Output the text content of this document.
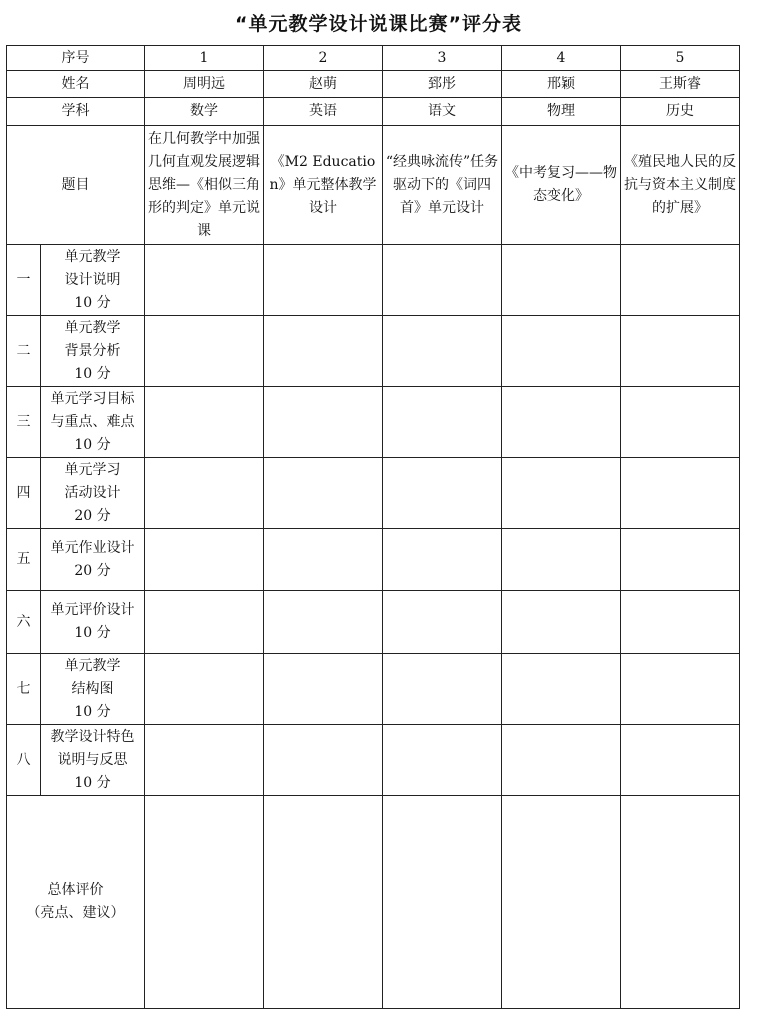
“单元教学设计说课比赛”评分表
序号		1	2	3	4	5
姓名		周明远	赵萌	郅彤	邢颖	王斯睿
学科		数学	英语	语文	物理	历史
题目		在几何教学中加强几何直观发展逻辑思维—《相似三角形的判定》单元说课	《M2 Education》单元整体教学设计	“经典咏流传”任务驱动下的《词四首》单元设计	《中考复习——物态变化》	《殖民地人民的反抗与资本主义制度的扩展》
一	单元教学
设计说明
10 分					

二	单元教学
背景分析
10 分					

三	单元学习目标
与重点、难点
10 分					

四	单元学习
活动设计
20 分					

五	单元作业设计
20 分					

六	单元评价设计
10 分					

七	单元教学
结构图
10 分					

八	教学设计特色
说明与反思
10 分					

总体评价
（亮点、建议）						
